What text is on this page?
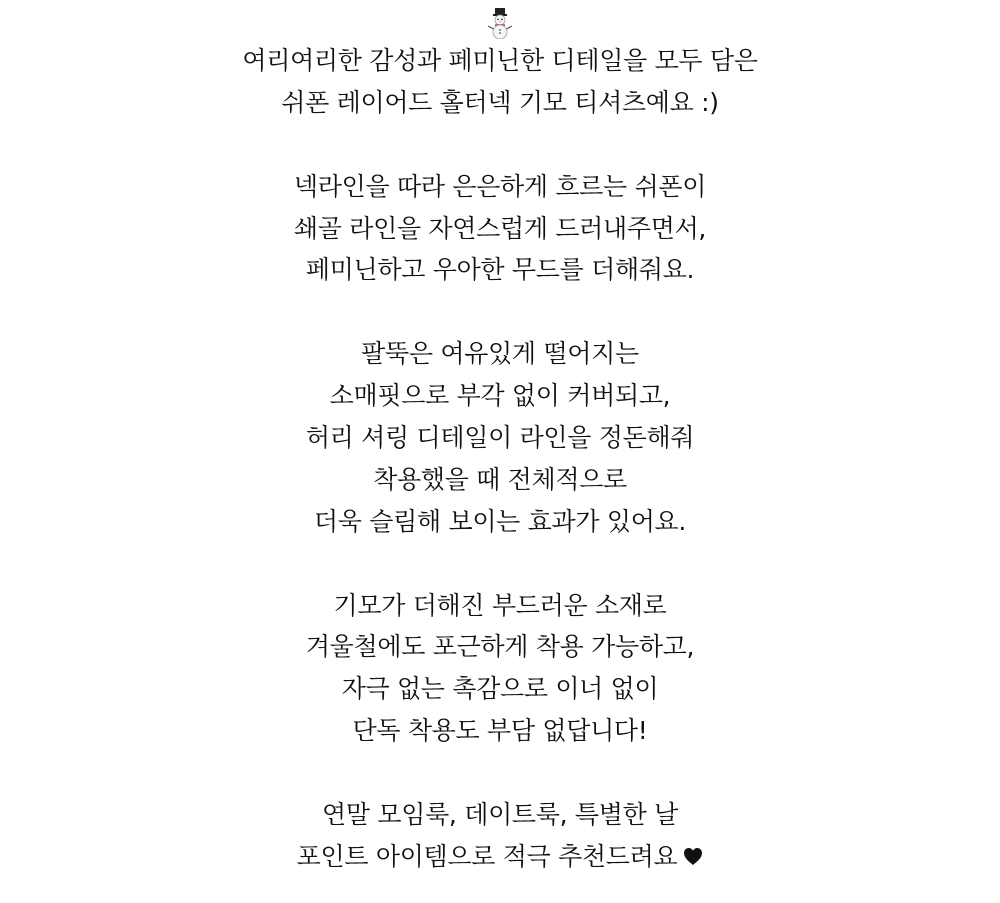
여리여리한 감성과 페미닌한 디테일을 모두 담은
쉬폰 레이어드 홀터넥 기모 티셔츠예요 :)
넥라인을 따라 은은하게 흐르는 쉬폰이
쇄골 라인을 자연스럽게 드러내주면서,
페미닌하고 우아한 무드를 더해줘요.
팔뚝은 여유있게 떨어지는
소매핏으로 부각 없이 커버되고,
허리 셔링 디테일이 라인을 정돈해줘
착용했을 때 전체적으로
더욱 슬림해 보이는 효과가 있어요.
기모가 더해진 부드러운 소재로
겨울철에도 포근하게 착용 가능하고,
자극 없는 촉감으로 이너 없이
단독 착용도 부담 없답니다!
연말 모임룩, 데이트룩, 특별한 날
포인트 아이템으로 적극 추천드려요
